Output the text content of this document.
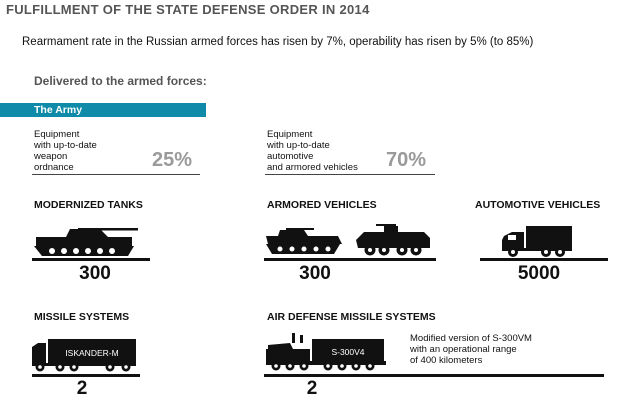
FULFILLMENT OF THE STATE DEFENSE ORDER IN 2014
Rearmament rate in the Russian armed forces has risen by 7%, operability has risen by 5% (to 85%)
Delivered to the armed forces:
The Army
Equipment
with up-to-date
weapon
ordnance	25%
Equipment
with up-to-date
automotive
and armored vehicles 70%
MODERNIZED TANKS
300
ARMORED VEHICLES
300
AUTOMOTIVE VEHICLES
5000
MISSILE SYSTEMS
ISKANDER-M
2
AIR DEFENSE MISSILE SYSTEMS
S-300V4
Modified version of S-300VM
with an operational range
of 400 kilometers
2
